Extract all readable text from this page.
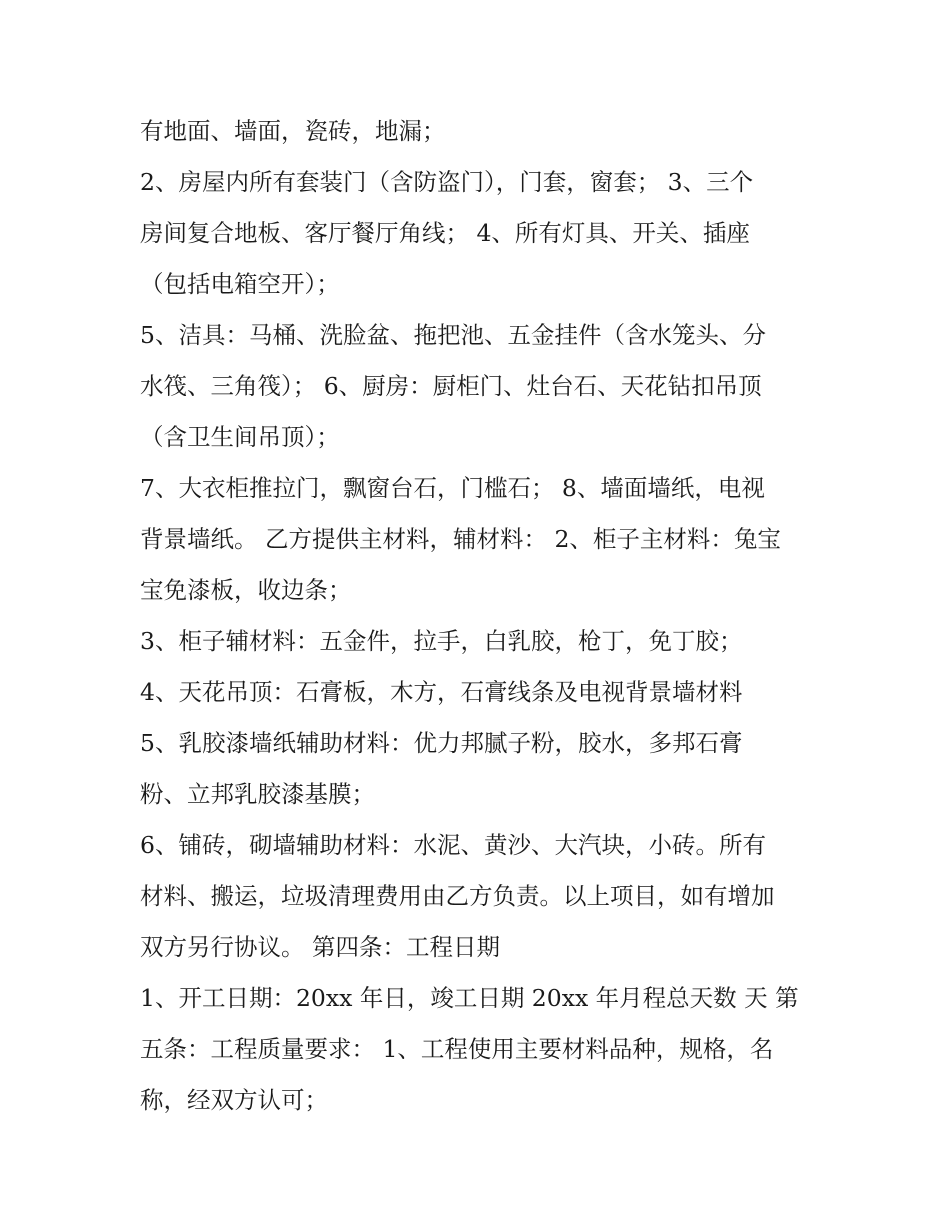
有地面、墙面，瓷砖，地漏；
2、房屋内所有套装门（含防盗门），门套，窗套； 3、三个
房间复合地板、客厅餐厅角线； 4、所有灯具、开关、插座
（包括电箱空开）；
5、洁具：马桶、洗脸盆、拖把池、五金挂件（含水笼头、分
水筏、三角筏）； 6、厨房：厨柜门、灶台石、天花钻扣吊顶
（含卫生间吊顶）；
7、大衣柜推拉门，飘窗台石，门槛石； 8、墙面墙纸，电视
背景墙纸。 乙方提供主材料，辅材料： 2、柜子主材料：兔宝
宝免漆板，收边条；
3、柜子辅材料：五金件，拉手，白乳胶，枪丁，免丁胶；
4、天花吊顶：石膏板，木方，石膏线条及电视背景墙材料
5、乳胶漆墙纸辅助材料：优力邦腻子粉，胶水，多邦石膏
粉、立邦乳胶漆基膜；
6、铺砖，砌墙辅助材料：水泥、黄沙、大汽块，小砖。所有
材料、搬运，垃圾清理费用由乙方负责。以上项目，如有增加
双方另行协议。 第四条：工程日期
1、开工日期：20xx 年日，竣工日期 20xx 年月程总天数 天 第
五条：工程质量要求： 1、工程使用主要材料品种，规格，名
称，经双方认可；
